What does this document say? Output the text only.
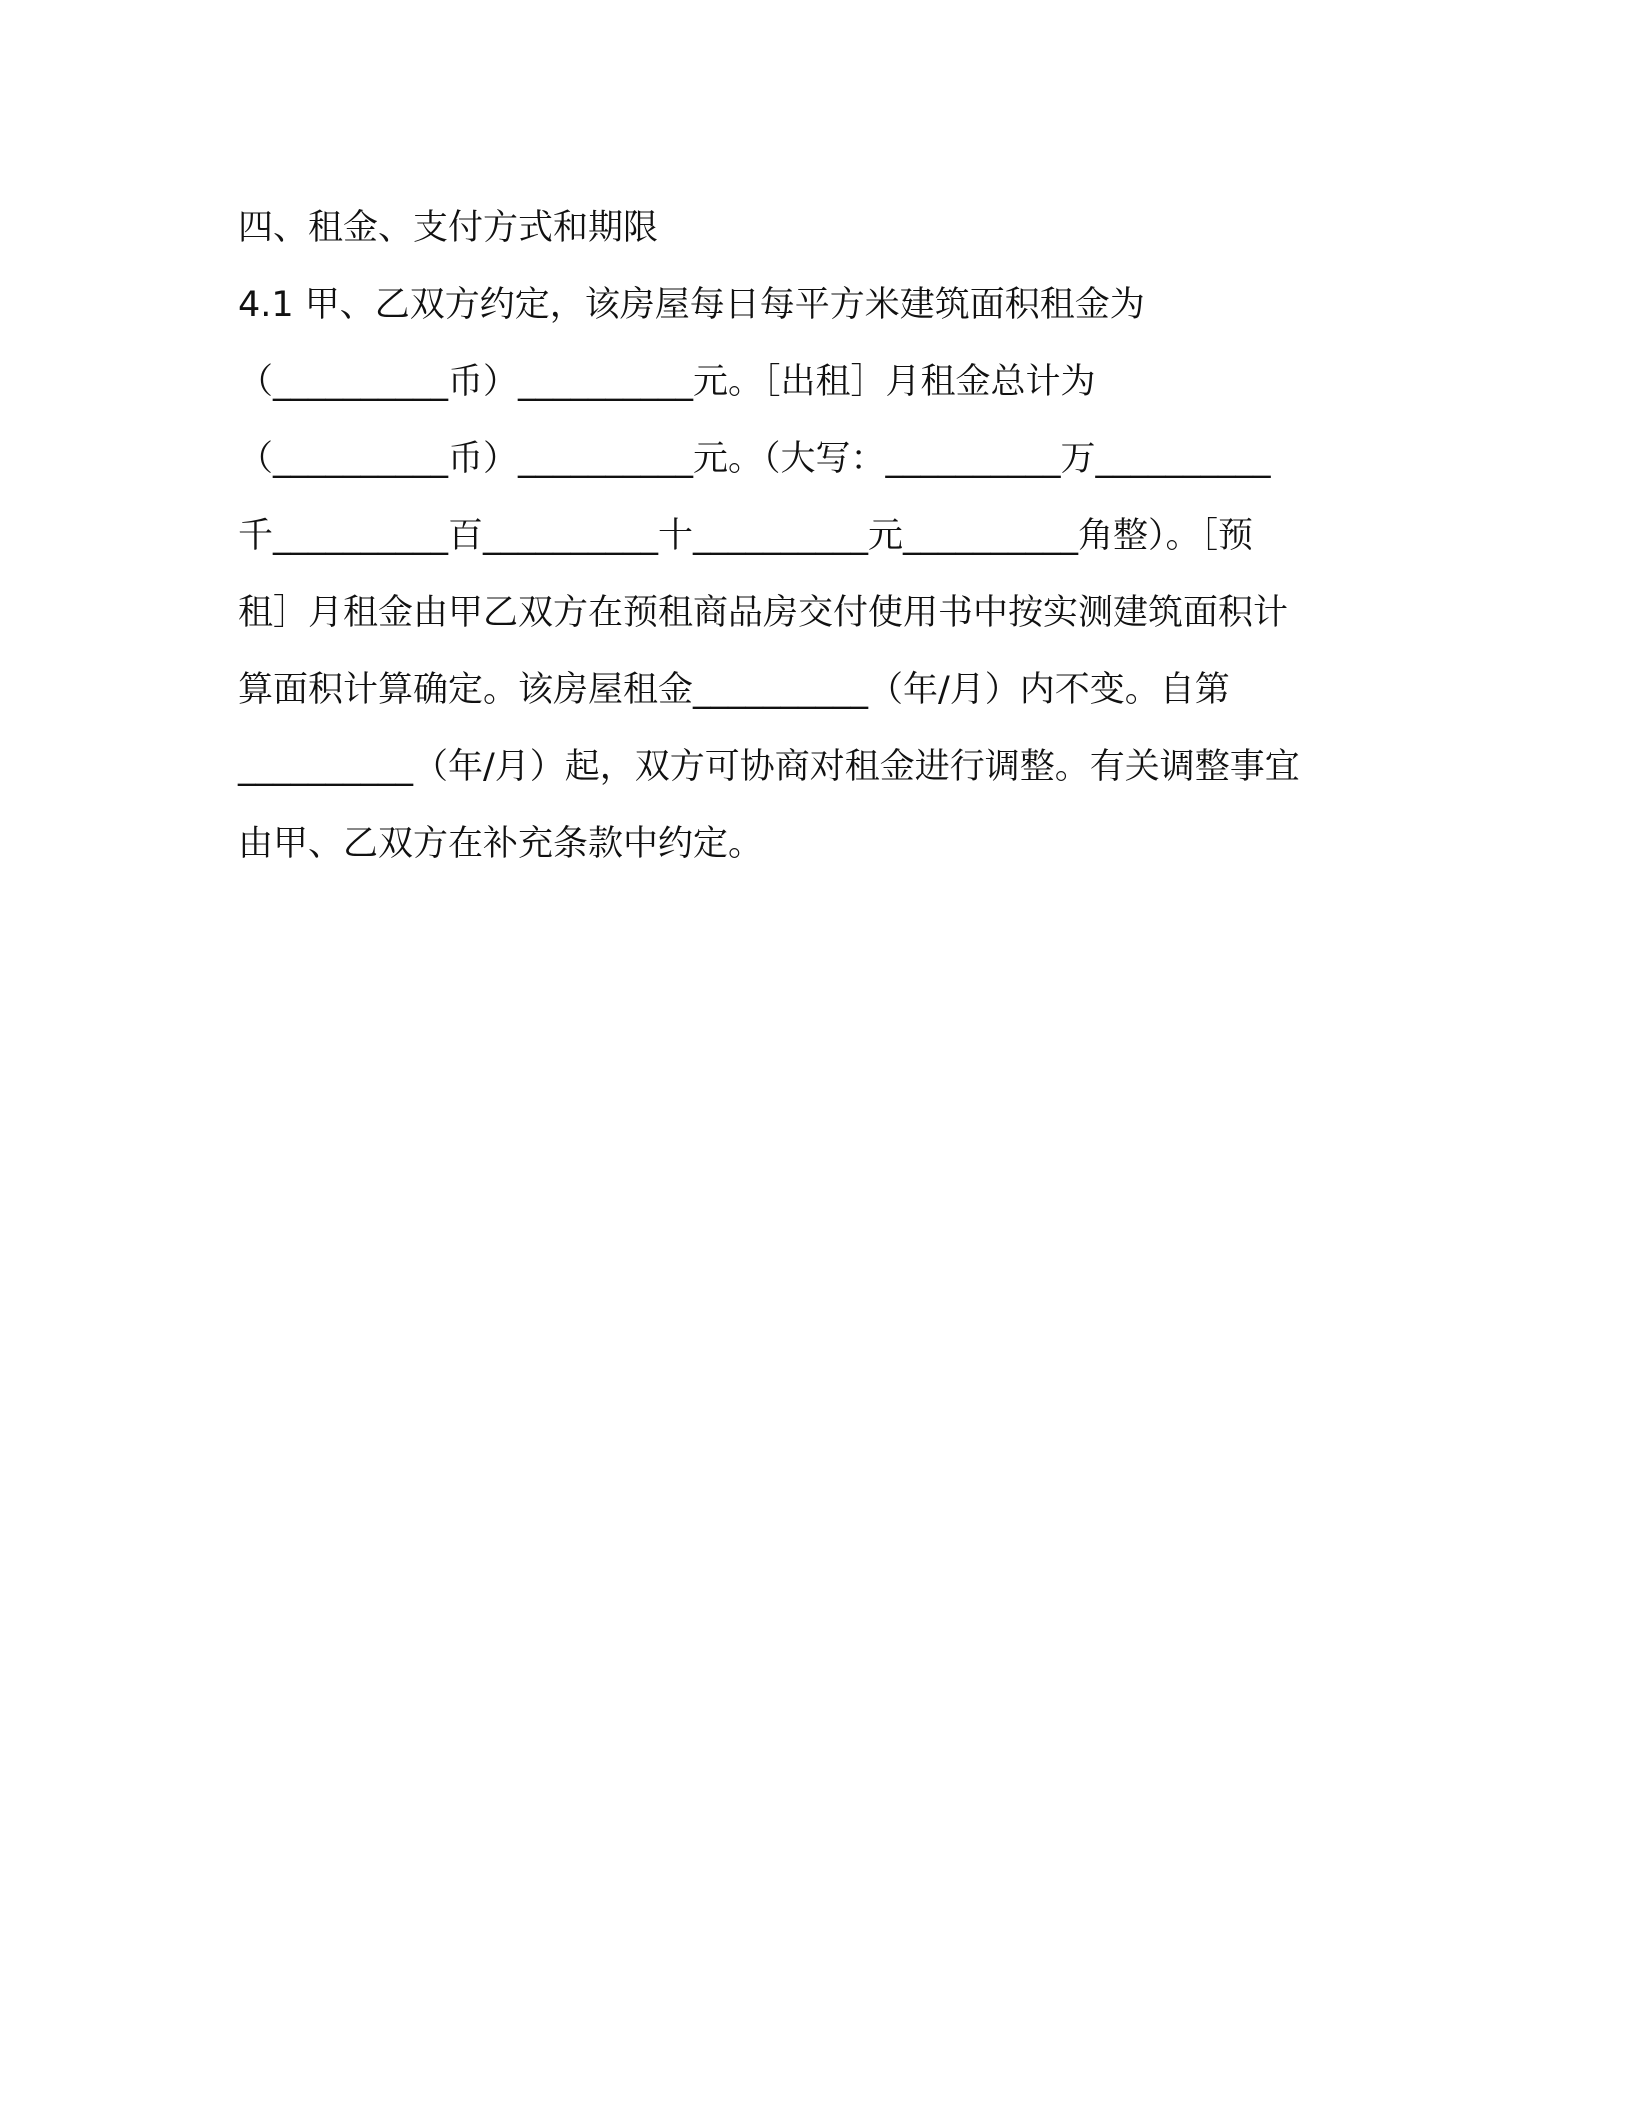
四、租金、支付方式和期限
4.1 甲、乙双方约定，该房屋每日每平方米建筑面积租金为
（__________币）__________元。［出租］月租金总计为
（__________币）__________元。（大写：__________万__________
千__________百__________十__________元__________角整）。［预
租］月租金由甲乙双方在预租商品房交付使用书中按实测建筑面积计
算面积计算确定。该房屋租金__________（年/月）内不变。自第
__________（年/月）起，双方可协商对租金进行调整。有关调整事宜
由甲、乙双方在补充条款中约定。
